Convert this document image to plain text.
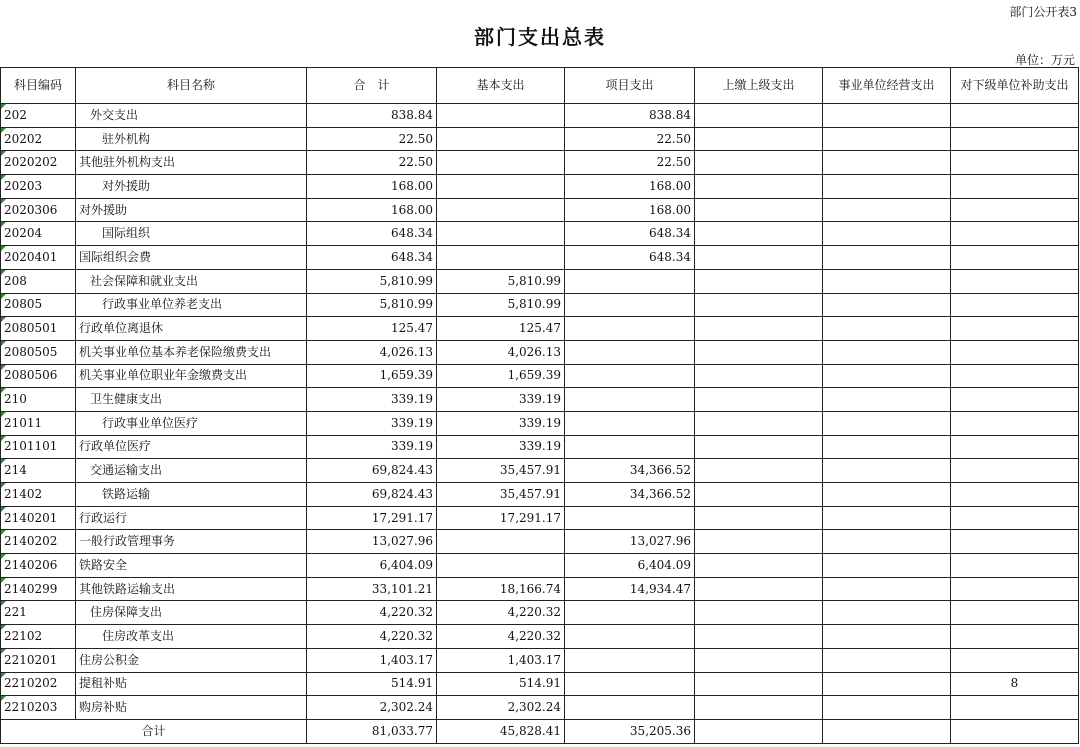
部门公开表3
部门支出总表
单位：万元
科目编码	科目名称	合　计	基本支出	项目支出	上缴上级支出	事业单位经营支出	对下级单位补助支出
202	外交支出	838.84		838.84			
20202	驻外机构	22.50		22.50			
2020202	其他驻外机构支出	22.50		22.50			
20203	对外援助	168.00		168.00			
2020306	对外援助	168.00		168.00			
20204	国际组织	648.34		648.34			
2020401	国际组织会费	648.34		648.34			
208	社会保障和就业支出	5,810.99	5,810.99				
20805	行政事业单位养老支出	5,810.99	5,810.99				
2080501	行政单位离退休	125.47	125.47				
2080505	机关事业单位基本养老保险缴费支出	4,026.13	4,026.13				
2080506	机关事业单位职业年金缴费支出	1,659.39	1,659.39				
210	卫生健康支出	339.19	339.19				
21011	行政事业单位医疗	339.19	339.19				
2101101	行政单位医疗	339.19	339.19				
214	交通运输支出	69,824.43	35,457.91	34,366.52			
21402	铁路运输	69,824.43	35,457.91	34,366.52			
2140201	行政运行	17,291.17	17,291.17				
2140202	一般行政管理事务	13,027.96		13,027.96			
2140206	铁路安全	6,404.09		6,404.09			
2140299	其他铁路运输支出	33,101.21	18,166.74	14,934.47			
221	住房保障支出	4,220.32	4,220.32				
22102	住房改革支出	4,220.32	4,220.32				
2210201	住房公积金	1,403.17	1,403.17				
2210202	提租补贴	514.91	514.91				8
2210203	购房补贴	2,302.24	2,302.24				
合计		81,033.77	45,828.41	35,205.36			
